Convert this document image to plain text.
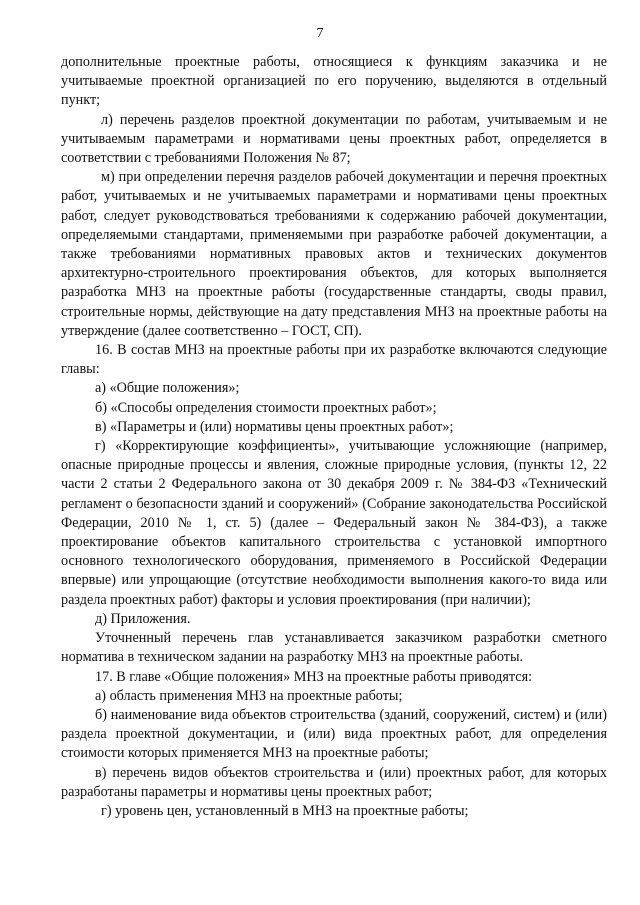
7

дополнительные проектные работы, относящиеся к функциям заказчика и не учитываемые проектной организацией по его поручению, выделяются в отдельный пункт;

л) перечень разделов проектной документации по работам, учитываемым и не учитываемым параметрами и нормативами цены проектных работ, определяется в соответствии с требованиями Положения № 87;

м) при определении перечня разделов рабочей документации и перечня проектных работ, учитываемых и не учитываемых параметрами и нормативами цены проектных работ, следует руководствоваться требованиями к содержанию рабочей документации, определяемыми стандартами, применяемыми при разработке рабочей документации, а также требованиями нормативных правовых актов и технических документов архитектурно-строительного проектирования объектов, для которых выполняется разработка МНЗ на проектные работы (государственные стандарты, своды правил, строительные нормы, действующие на дату представления МНЗ на проектные работы на утверждение (далее соответственно – ГОСТ, СП).

16. В состав МНЗ на проектные работы при их разработке включаются следующие главы:

а) «Общие положения»;

б) «Способы определения стоимости проектных работ»;

в) «Параметры и (или) нормативы цены проектных работ»;

г) «Корректирующие коэффициенты», учитывающие усложняющие (например, опасные природные процессы и явления, сложные природные условия, (пункты 12, 22 части 2 статьи 2 Федерального закона от 30 декабря 2009 г. № 384-ФЗ «Технический регламент о безопасности зданий и сооружений» (Собрание законодательства Российской Федерации, 2010 № 1, ст. 5) (далее – Федеральный закон № 384-ФЗ), а также проектирование объектов капитального строительства с установкой импортного основного технологического оборудования, применяемого в Российской Федерации впервые) или упрощающие (отсутствие необходимости выполнения какого-то вида или раздела проектных работ) факторы и условия проектирования (при наличии);

д) Приложения.

Уточненный перечень глав устанавливается заказчиком разработки сметного норматива в техническом задании на разработку МНЗ на проектные работы.

17. В главе «Общие положения» МНЗ на проектные работы приводятся:

а) область применения МНЗ на проектные работы;

б) наименование вида объектов строительства (зданий, сооружений, систем) и (или) раздела проектной документации, и (или) вида проектных работ, для определения стоимости которых применяется МНЗ на проектные работы;

в) перечень видов объектов строительства и (или) проектных работ, для которых разработаны параметры и нормативы цены проектных работ;

г) уровень цен, установленный в МНЗ на проектные работы;
